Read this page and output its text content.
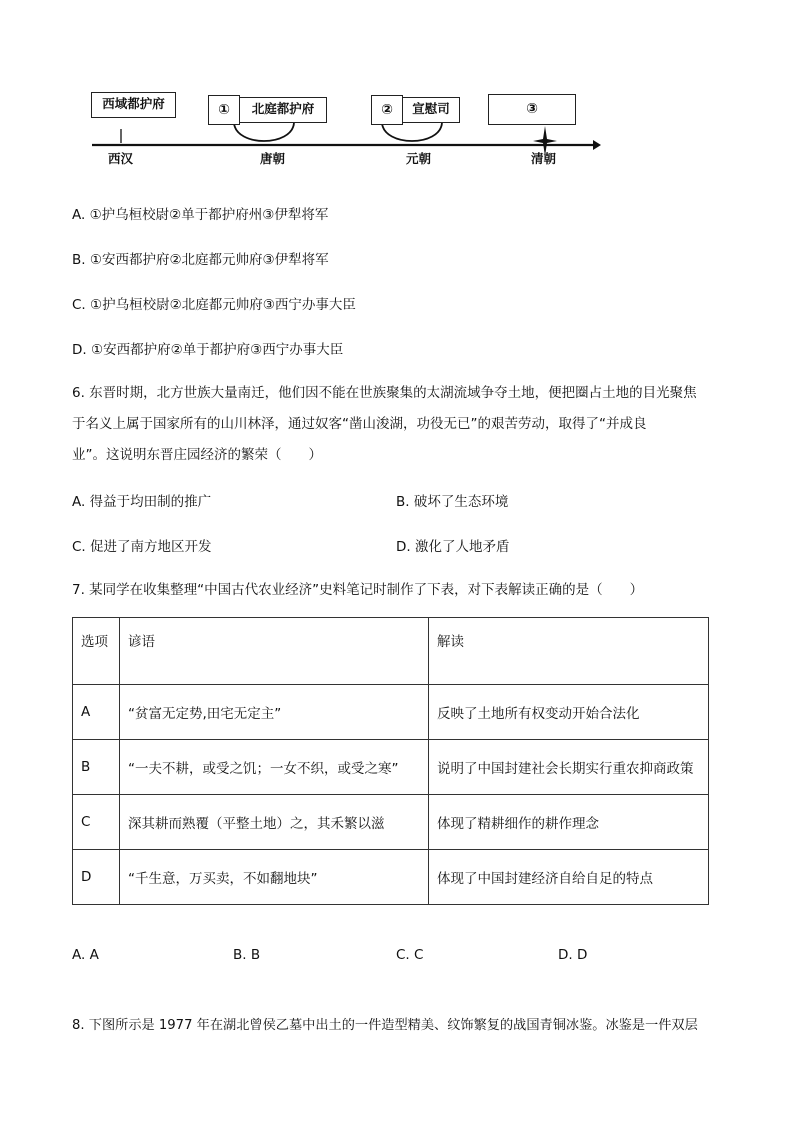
西域都护府	①	北庭都护府	②	宣慰司	③
西汉	唐朝	元朝	清朝
A. ①护乌桓校尉②单于都护府州③伊犁将军
B. ①安西都护府②北庭都元帅府③伊犁将军
C. ①护乌桓校尉②北庭都元帅府③西宁办事大臣
D. ①安西都护府②单于都护府③西宁办事大臣
6. 东晋时期，北方世族大量南迁，他们因不能在世族聚集的太湖流域争夺土地，便把圈占土地的目光聚焦
于名义上属于国家所有的山川林泽，通过奴客“凿山浚湖，功役无已”的艰苦劳动，取得了“并成良
业”。这说明东晋庄园经济的繁荣（　　）
A. 得益于均田制的推广	B. 破坏了生态环境
C. 促进了南方地区开发	D. 激化了人地矛盾
7. 某同学在收集整理“中国古代农业经济”史料笔记时制作了下表，对下表解读正确的是（　　）
选项	谚语	解读
A	“贫富无定势,田宅无定主”	反映了土地所有权变动开始合法化
B	“一夫不耕，或受之饥；一女不织，或受之寒”	说明了中国封建社会长期实行重农抑商政策
C	深其耕而熟覆（平整土地）之，其禾繁以滋	体现了精耕细作的耕作理念
D	“千生意，万买卖，不如翻地块”	体现了中国封建经济自给自足的特点
A. A	B. B	C. C	D. D
8. 下图所示是 1977 年在湖北曾侯乙墓中出土的一件造型精美、纹饰繁复的战国青铜冰鉴。冰鉴是一件双层
